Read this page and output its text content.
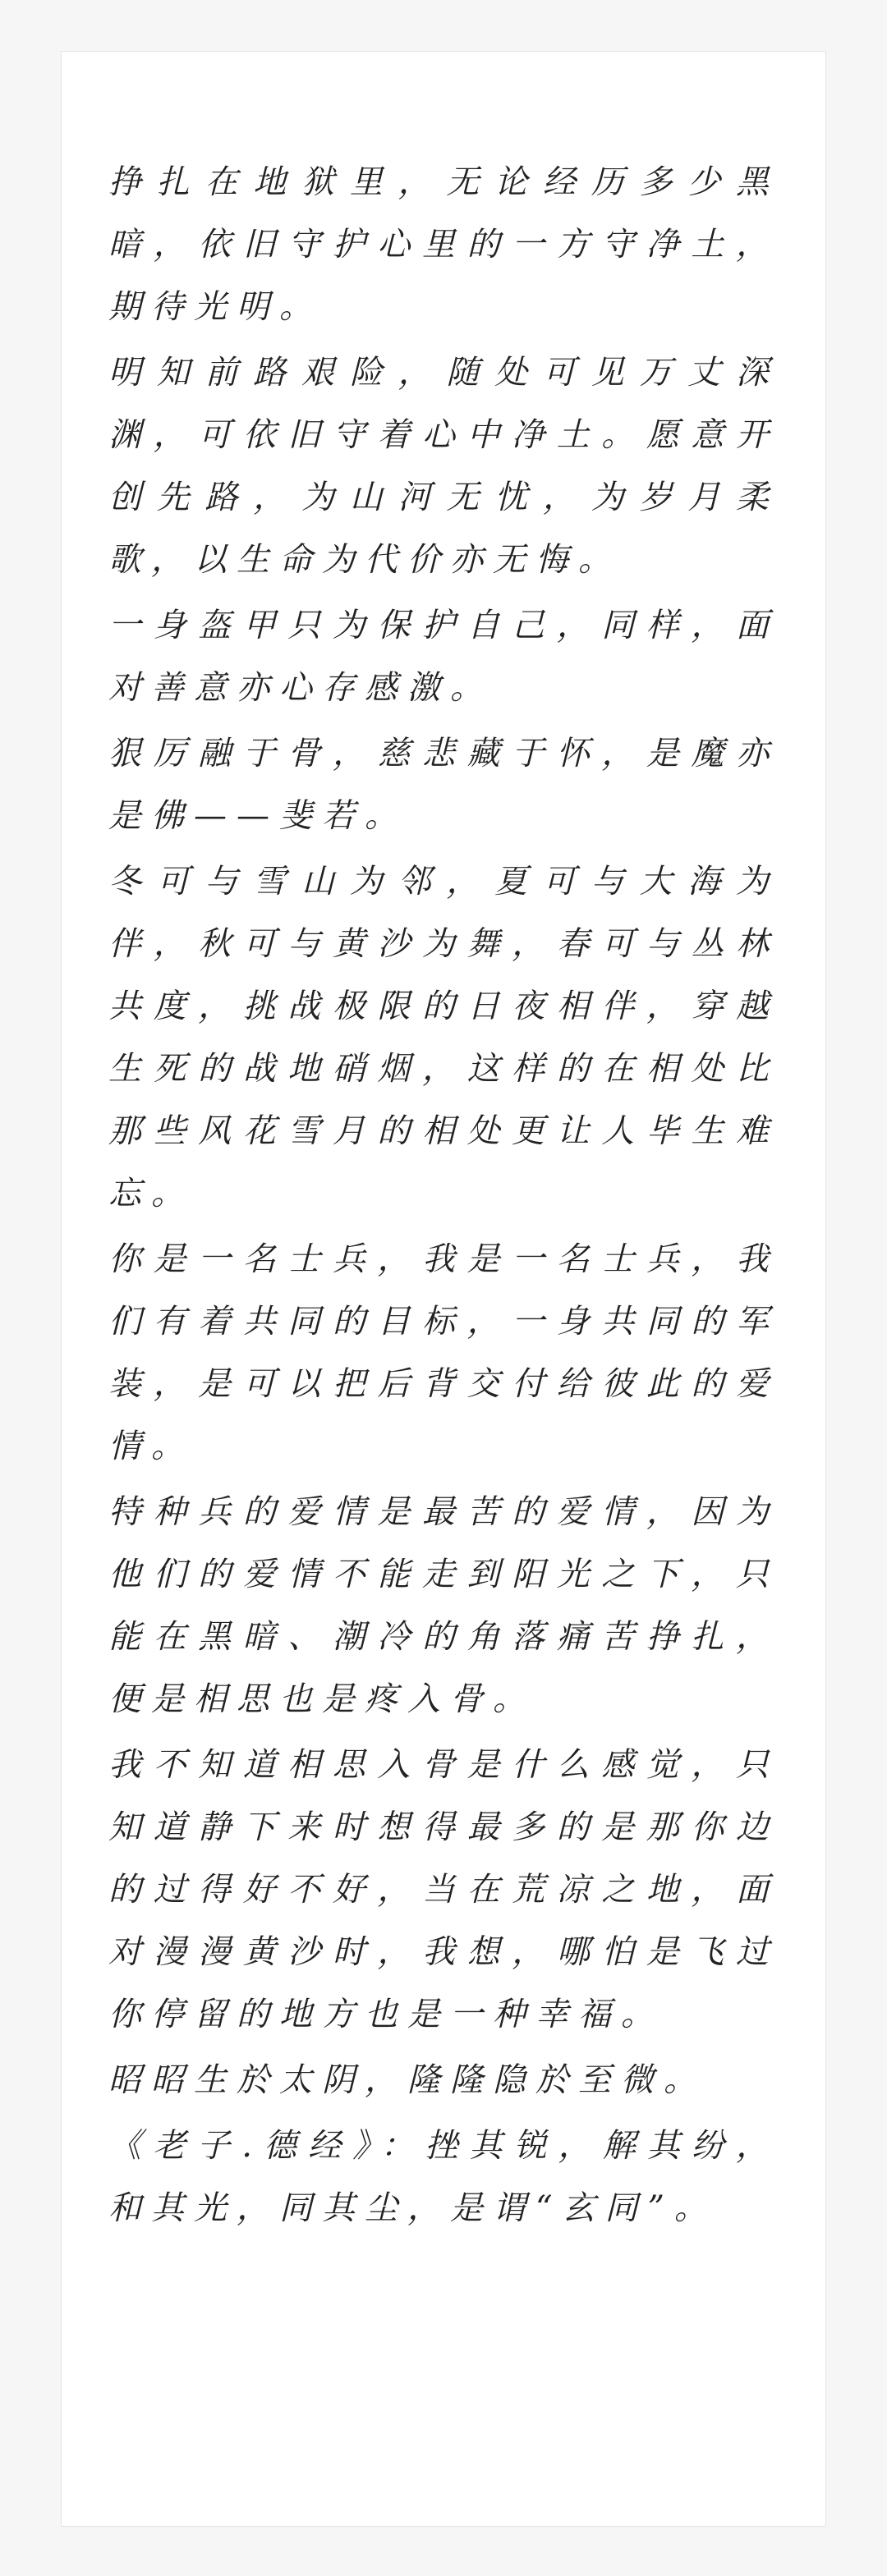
挣扎在地狱里，无论经历多少黑暗，依旧守护心里的一方守净土，期待光明。

明知前路艰险，随处可见万丈深渊，可依旧守着心中净土。愿意开创先路，为山河无忧，为岁月柔歌，以生命为代价亦无悔。

一身盔甲只为保护自己，同样，面对善意亦心存感激。

狠厉融于骨，慈悲藏于怀，是魔亦是佛——斐若。

冬可与雪山为邻，夏可与大海为伴，秋可与黄沙为舞，春可与丛林共度，挑战极限的日夜相伴，穿越生死的战地硝烟，这样的在相处比那些风花雪月的相处更让人毕生难忘。

你是一名士兵，我是一名士兵，我们有着共同的目标，一身共同的军装，是可以把后背交付给彼此的爱情。

特种兵的爱情是最苦的爱情，因为他们的爱情不能走到阳光之下，只能在黑暗、潮冷的角落痛苦挣扎，便是相思也是疼入骨。

我不知道相思入骨是什么感觉，只知道静下来时想得最多的是那你边的过得好不好，当在荒凉之地，面对漫漫黄沙时，我想，哪怕是飞过你停留的地方也是一种幸福。

昭昭生於太阴，隆隆隐於至微。

《老子.德经》：挫其锐，解其纷，和其光，同其尘，是谓“玄同”。
